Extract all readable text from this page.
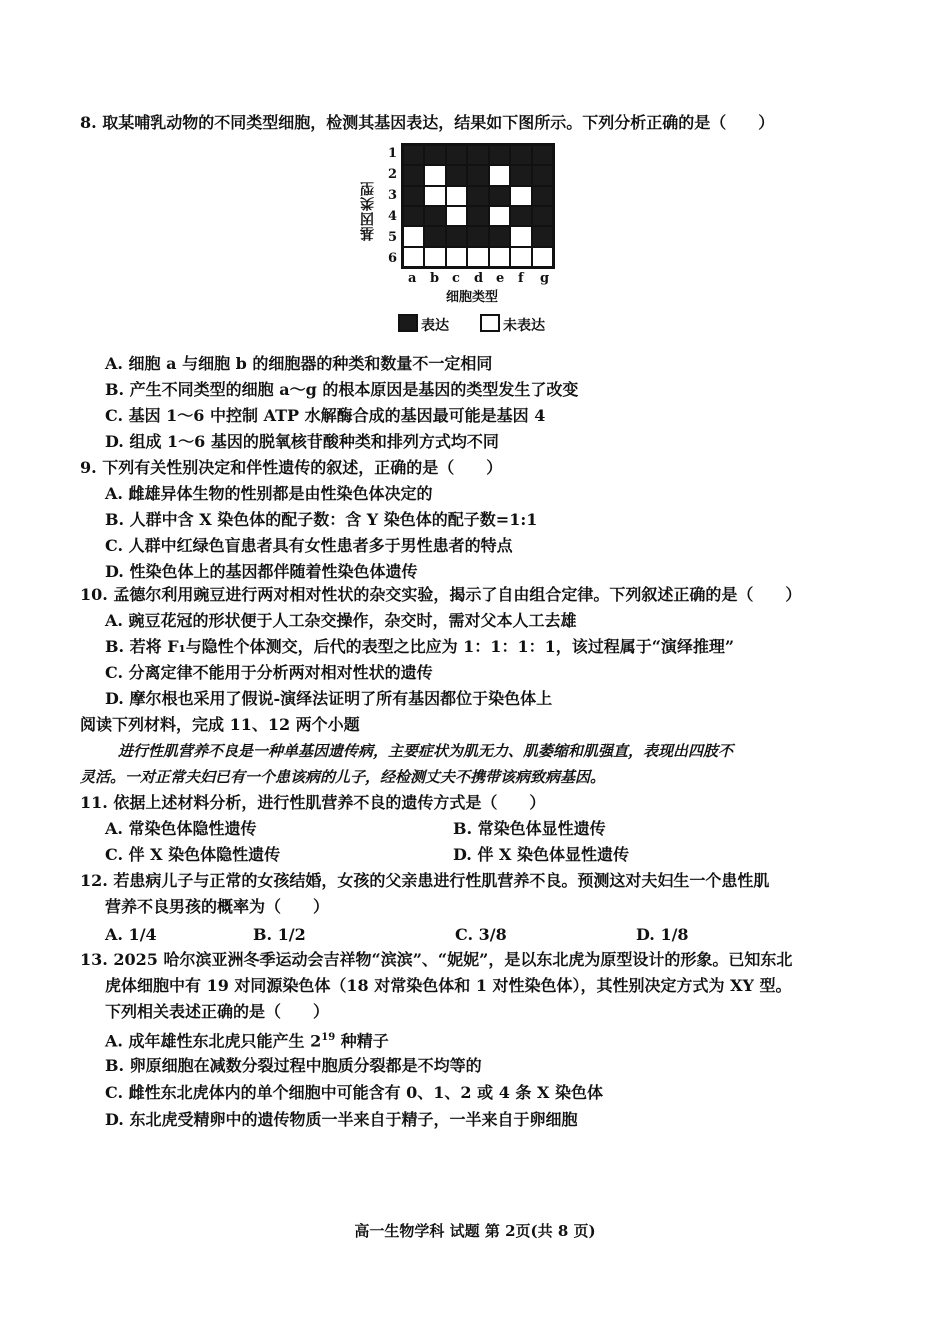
8. 取某哺乳动物的不同类型细胞，检测其基因表达，结果如下图所示。下列分析正确的是（　　）
基因类型
1
2
3
4
5
6
a b c d e f g
细胞类型
表达	未表达
A. 细胞 a 与细胞 b 的细胞器的种类和数量不一定相同
B. 产生不同类型的细胞 a～g 的根本原因是基因的类型发生了改变
C. 基因 1～6 中控制 ATP 水解酶合成的基因最可能是基因 4
D. 组成 1～6 基因的脱氧核苷酸种类和排列方式均不同
9. 下列有关性别决定和伴性遗传的叙述，正确的是（　　）
A. 雌雄异体生物的性别都是由性染色体决定的
B. 人群中含 X 染色体的配子数：含 Y 染色体的配子数=1:1
C. 人群中红绿色盲患者具有女性患者多于男性患者的特点
D. 性染色体上的基因都伴随着性染色体遗传
10. 孟德尔利用豌豆进行两对相对性状的杂交实验，揭示了自由组合定律。下列叙述正确的是（　　）
A. 豌豆花冠的形状便于人工杂交操作，杂交时，需对父本人工去雄
B. 若将 F₁与隐性个体测交，后代的表型之比应为 1：1：1：1，该过程属于“演绎推理”
C. 分离定律不能用于分析两对相对性状的遗传
D. 摩尔根也采用了假说-演绎法证明了所有基因都位于染色体上
阅读下列材料，完成 11、12 两个小题
进行性肌营养不良是一种单基因遗传病，主要症状为肌无力、肌萎缩和肌强直，表现出四肢不
灵活。一对正常夫妇已有一个患该病的儿子，经检测丈夫不携带该病致病基因。
11. 依据上述材料分析，进行性肌营养不良的遗传方式是（　　）
A. 常染色体隐性遗传	B. 常染色体显性遗传
C. 伴 X 染色体隐性遗传	D. 伴 X 染色体显性遗传
12. 若患病儿子与正常的女孩结婚，女孩的父亲患进行性肌营养不良。预测这对夫妇生一个患性肌
营养不良男孩的概率为（　　）
A. 1/4	B. 1/2	C. 3/8	D. 1/8
13. 2025 哈尔滨亚洲冬季运动会吉祥物“滨滨”、“妮妮”，是以东北虎为原型设计的形象。已知东北
虎体细胞中有 19 对同源染色体（18 对常染色体和 1 对性染色体），其性别决定方式为 XY 型。
下列相关表述正确的是（　　）
A. 成年雄性东北虎只能产生 $2^{19}$ 种精子
B. 卵原细胞在减数分裂过程中胞质分裂都是不均等的
C. 雌性东北虎体内的单个细胞中可能含有 0、1、2 或 4 条 X 染色体
D. 东北虎受精卵中的遗传物质一半来自于精子，一半来自于卵细胞
高一生物学科 试题 第 2页(共 8 页)
